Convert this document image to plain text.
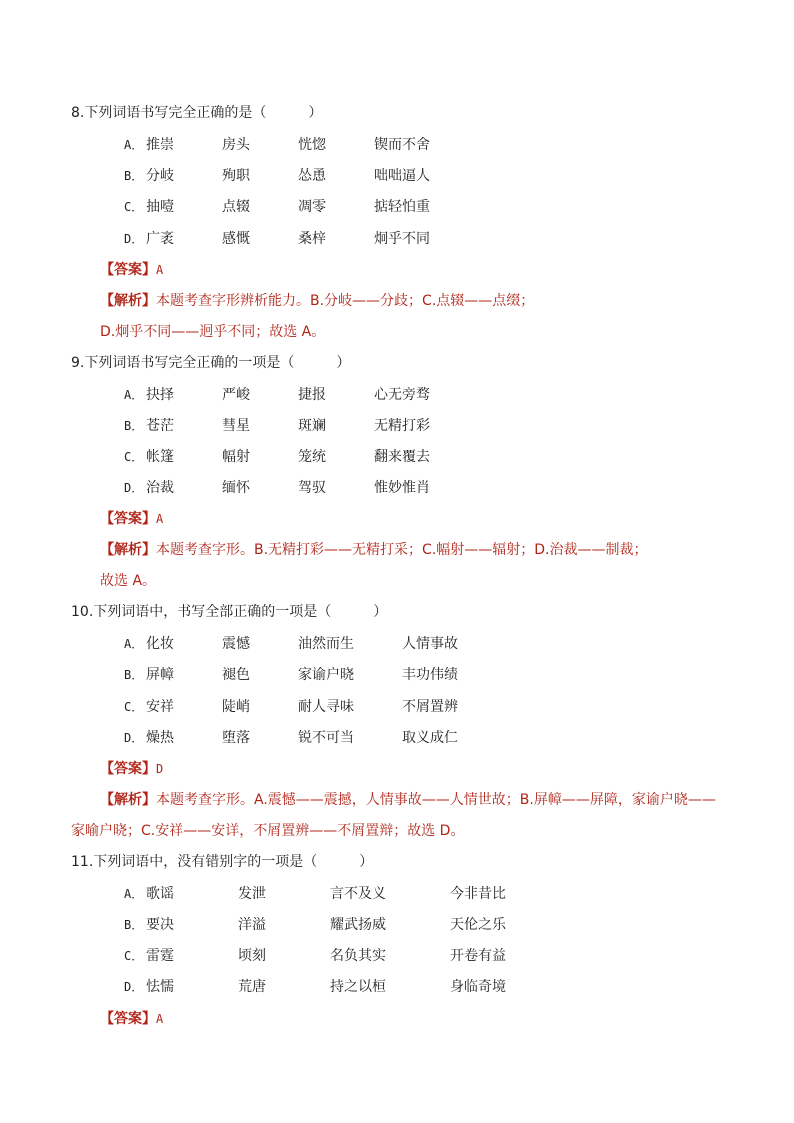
8.下列词语书写完全正确的是（　　　）
A． 推崇	房头	恍惚	锲而不舍
B． 分岐	殉职	怂恿	咄咄逼人
C． 抽噎	点辍	凋零	掂轻怕重
D． 广袤	感慨	桑梓	炯乎不同
【答案】A
【解析】本题考查字形辨析能力。B.分岐——分歧；C.点辍——点缀；
D.炯乎不同——迥乎不同；故选 A。
9.下列词语书写完全正确的一项是（　　　）
A． 抉择	严峻	捷报	心无旁骛
B． 苍茫	彗星	斑斓	无精打彩
C． 帐篷	幅射	笼统	翻来覆去
D． 治裁	缅怀	驾驭	惟妙惟肖
【答案】A
【解析】本题考查字形。B.无精打彩——无精打采；C.幅射——辐射；D.治裁——制裁；
故选 A。
10.下列词语中，书写全部正确的一项是（　　　）
A． 化妆	震憾	油然而生	人情事故
B． 屏幛	褪色	家谕户晓	丰功伟绩
C． 安祥	陡峭	耐人寻味	不屑置辨
D． 燥热	堕落	锐不可当	取义成仁
【答案】D
【解析】本题考查字形。A.震憾——震撼，人情事故——人情世故；B.屏幛——屏障，家谕户晓——
家喻户晓；C.安祥——安详，不屑置辨——不屑置辩；故选 D。
11.下列词语中，没有错别字的一项是（　　　）
A． 歌谣	发泄	言不及义	今非昔比
B． 要决	洋溢	耀武扬威	天伦之乐
C． 雷霆	顷刻	名负其实	开卷有益
D． 怯懦	荒唐	持之以桓	身临奇境
【答案】A
